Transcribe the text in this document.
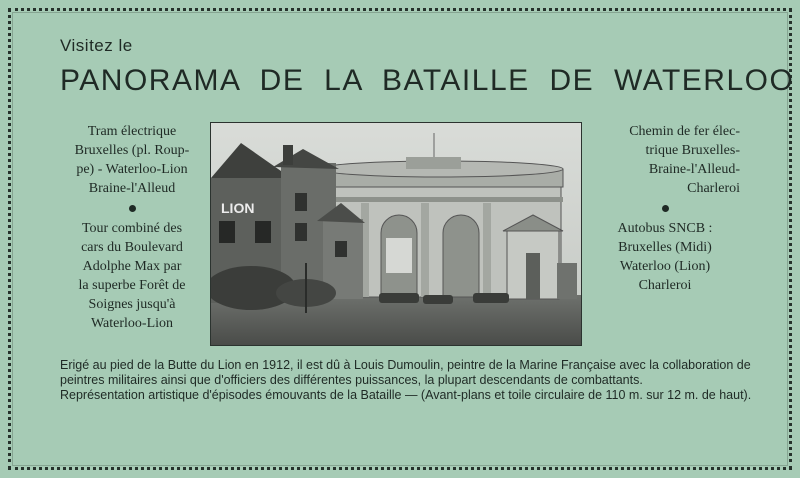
Visitez le
PANORAMA DE LA BATAILLE DE WATERLOO
Tram électrique
Bruxelles (pl. Roup-
pe) - Waterloo-Lion
Braine-l'Alleud
Tour combiné des
cars du Boulevard
Adolphe Max par
la superbe Forêt de
Soignes jusqu'à
Waterloo-Lion
LION
Chemin de fer élec-
trique Bruxelles-
Braine-l'Alleud-
Charleroi
Autobus SNCB :
Bruxelles (Midi)
Waterloo (Lion)
Charleroi

Erigé au pied de la Butte du Lion en 1912, il est dû à Louis Dumoulin, peintre de la Marine Française avec la collaboration de peintres militaires ainsi que d'officiers des différentes puissances, la plupart descendants de combattants.

Représentation artistique d'épisodes émouvants de la Bataille — (Avant-plans et toile circulaire de 110 m. sur 12 m. de haut).
